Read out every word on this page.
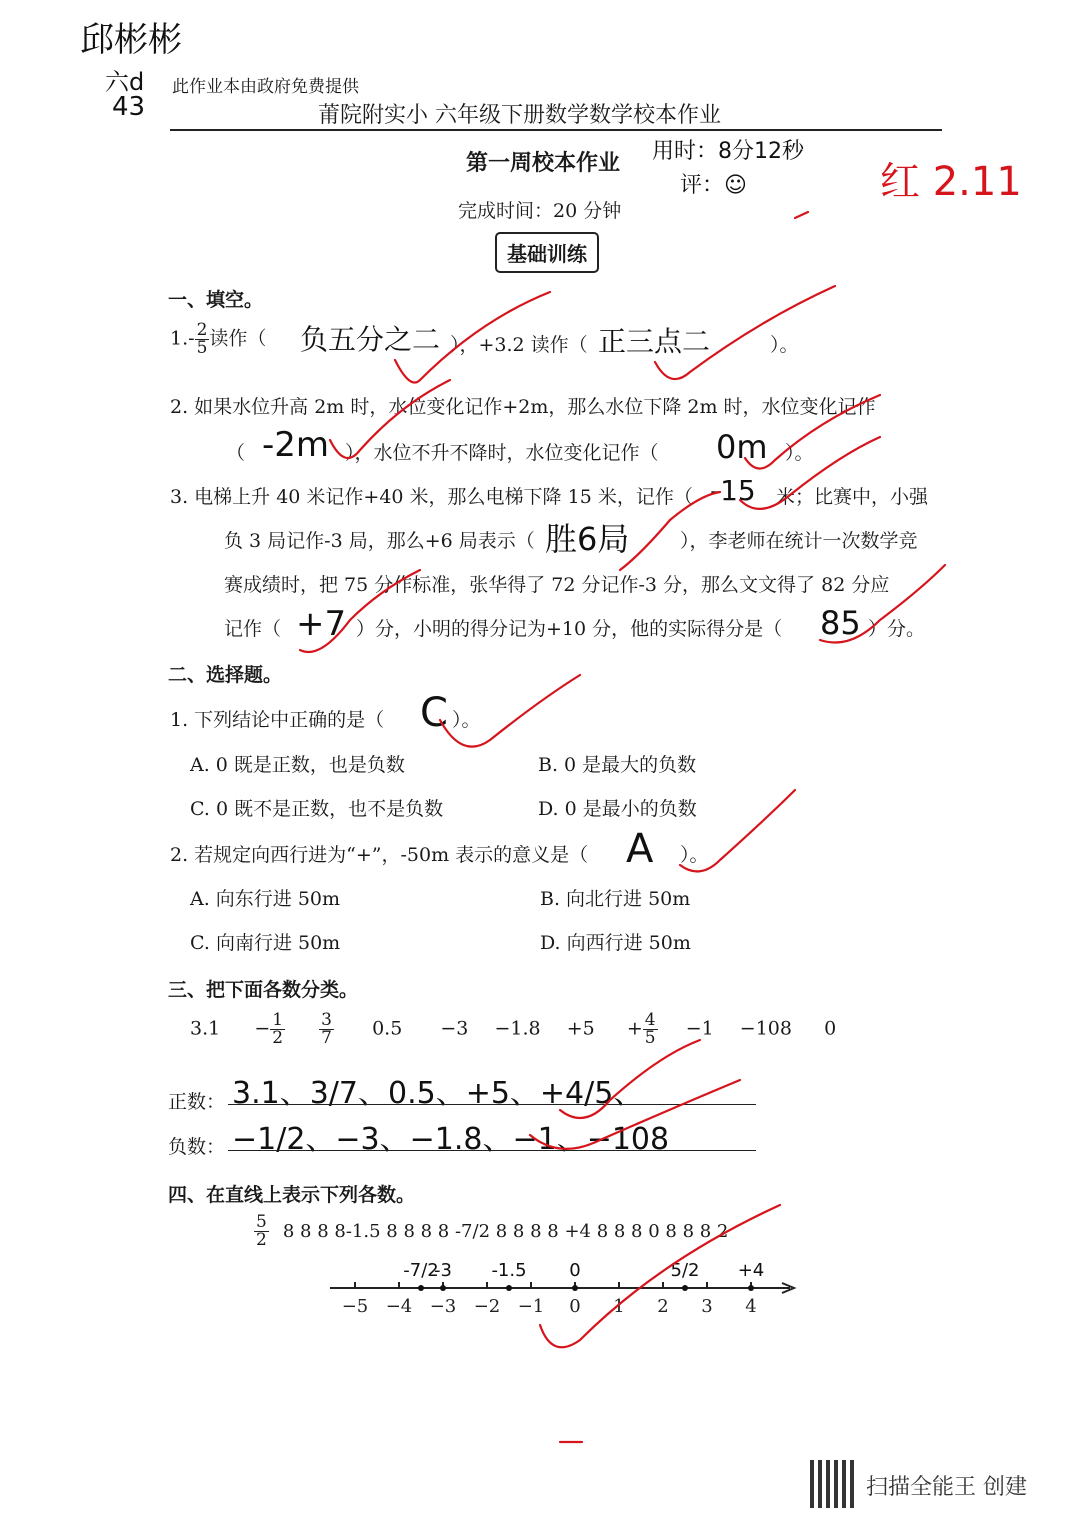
邱彬彬
六d
43
此作业本由政府免费提供
莆院附实小 六年级下册数学数学校本作业
第一周校本作业 用时：8分12秒
评：☺	红 2.11
完成时间：20 分钟
基础训练
一、填空。
$1.- \frac{2}{5}$ 读作（ 负五分之二 ），+3.2 读作（ 正三点二	）。
2. 如果水位升高 2m 时，水位变化记作+2m，那么水位下降 2m 时，水位变化记作
（ -2m ），水位不升不降时，水位变化记作（ 0m ）。
3. 电梯上升 40 米记作+40 米，那么电梯下降 15 米，记作（ -15 米；比赛中，小强
负 3 局记作-3 局，那么+6 局表示（ 胜6局	），李老师在统计一次数学竞
赛成绩时，把 75 分作标准，张华得了 72 分记作-3 分，那么文文得了 82 分应
记作（ +7 ）分，小明的得分记为+10 分，他的实际得分是（ 85 ）分。
二、选择题。
1. 下列结论中正确的是（ C ）。
A. 0 既是正数，也是负数	B. 0 是最大的负数
C. 0 既不是正数，也不是负数	D. 0 是最小的负数
2. 若规定向西行进为“+”，-50m 表示的意义是（ A ）。
A. 向东行进 50m	B. 向北行进 50m
C. 向南行进 50m	D. 向西行进 50m
三、把下面各数分类。
$3.1 - \frac{1}{2}$
$\frac{3}{7} 0.5 -3 -1.8 +5 + \frac{4}{5} -1 -108$ 0
正数： 3.1、3/7、0.5、+5、+4/5、
负数： −1/2、−3、−1.8、−1、−108
四、在直线上表示下列各数。
$\frac{5}{2} 8$ 8 8 8-1.5 8 8 8 8 -7/2 8 8 8 8 +4 8 8 8 0 8 8 8 2
−5 −4 −3 −2 −1 0 1 2 3 4
-7/2
-3 -1.5 0	5/2 +4
扫描全能王 创建
